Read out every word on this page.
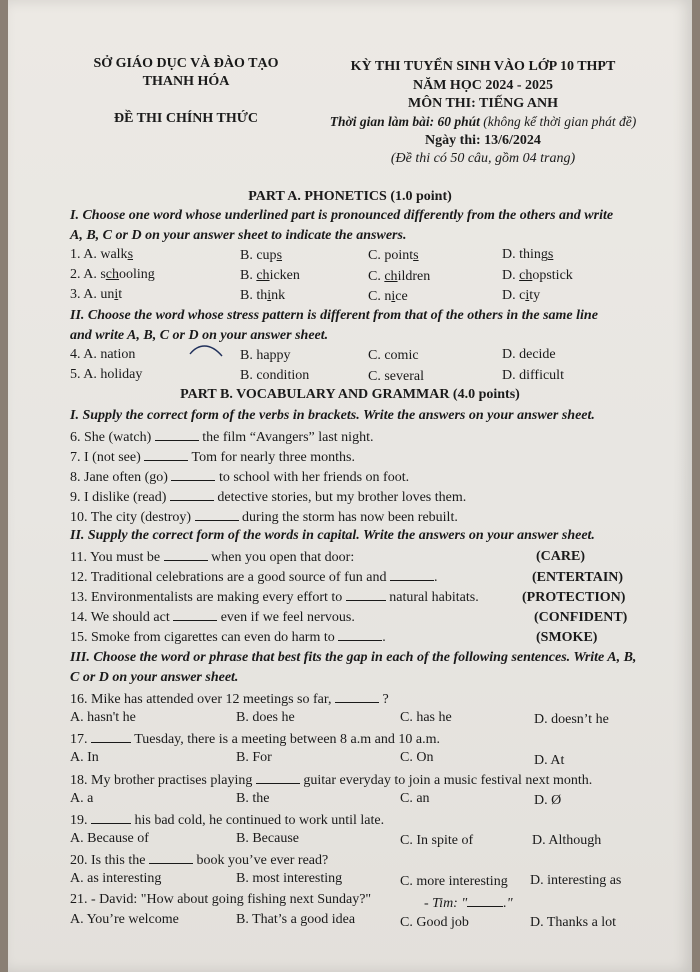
SỞ GIÁO DỤC VÀ ĐÀO TẠO
THANH HÓA
ĐỀ THI CHÍNH THỨC
KỲ THI TUYỂN SINH VÀO LỚP 10 THPT
NĂM HỌC 2024 - 2025
MÔN THI: TIẾNG ANH
Thời gian làm bài: 60 phút (không kể thời gian phát đề)
Ngày thi: 13/6/2024
(Đề thi có 50 câu, gồm 04 trang)
PART A. PHONETICS (1.0 point)
I. Choose one word whose underlined part is pronounced differently from the others and write
A, B, C or D on your answer sheet to indicate the answers.
1. A. walks	B. cups	C. points	D. things
2. A. schooling	B. chicken	C. children	D. chopstick
3. A. unit	B. think	C. nice	D. city
II. Choose the word whose stress pattern is different from that of the others in the same line
and write A, B, C or D on your answer sheet.
4. A. nation	B. happy	C. comic	D. decide
5. A. holiday	B. condition	C. several	D. difficult
PART B. VOCABULARY AND GRAMMAR (4.0 points)
I. Supply the correct form of the verbs in brackets. Write the answers on your answer sheet.
6. She (watch)	the film “Avangers” last night.
7. I (not see)	Tom for nearly three months.
8. Jane often (go)	to school with her friends on foot.
9. I dislike (read)	detective stories, but my brother loves them.
10. The city (destroy)	during the storm has now been rebuilt.
II. Supply the correct form of the words in capital. Write the answers on your answer sheet.
11. You must be	when you open that door:	(CARE)
12. Traditional celebrations are a good source of fun and	.	(ENTERTAIN)
13. Environmentalists are making every effort to	natural habitats.	(PROTECTION)
14. We should act	even if we feel nervous.	(CONFIDENT)
15. Smoke from cigarettes can even do harm to	.	(SMOKE)
III. Choose the word or phrase that best fits the gap in each of the following sentences. Write A, B,
C or D on your answer sheet.
16. Mike has attended over 12 meetings so far,	?
A. hasn't he	B. does he	C. has he	D. doesn’t he
17.	Tuesday, there is a meeting between 8 a.m and 10 a.m.
A. In	B. For	C. On	D. At
18. My brother practises playing	guitar everyday to join a music festival next month.
A. a	B. the	C. an	D. Ø
19.	his bad cold, he continued to work until late.
A. Because of	B. Because	C. In spite of	D. Although
20. Is this the	book you’ve ever read?
A. as interesting	B. most interesting	C. more interesting D. interesting as
21. - David: "How about going fishing next Sunday?"	- Tim: "	."
A. You’re welcome	B. That’s a good idea	C. Good job	D. Thanks a lot
